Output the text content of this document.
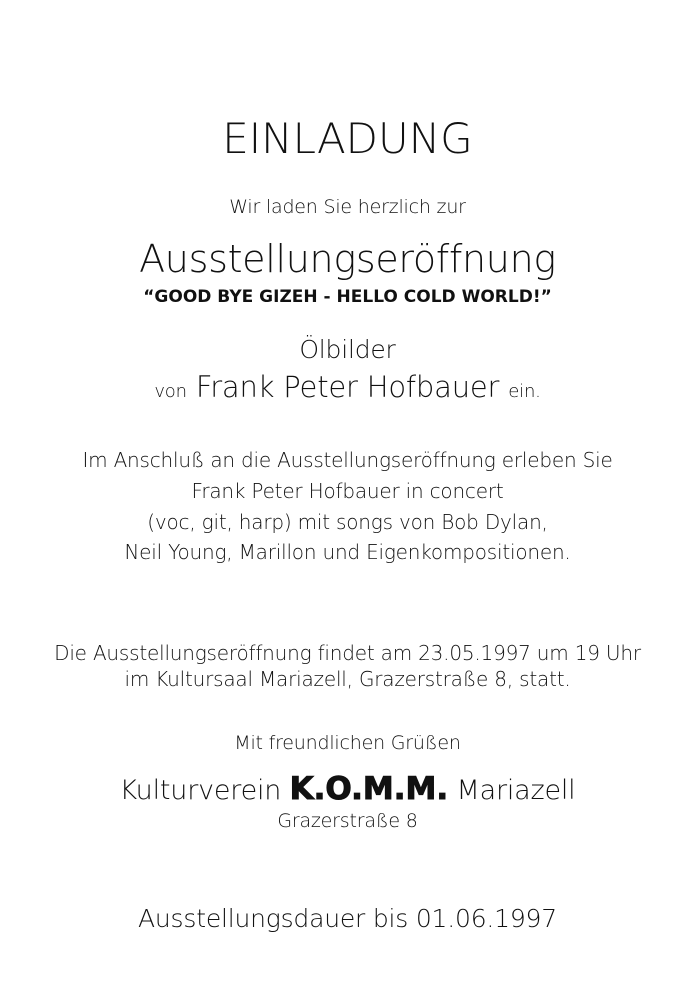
EINLADUNG
Wir laden Sie herzlich zur
Ausstellungseröffnung
“GOOD BYE GIZEH - HELLO COLD WORLD!”
Ölbilder
von Frank Peter Hofbauer ein.
Im Anschluß an die Ausstellungseröffnung erleben Sie
Frank Peter Hofbauer in concert
(voc, git, harp) mit songs von Bob Dylan,
Neil Young, Marillon und Eigenkompositionen.
Die Ausstellungseröffnung findet am 23.05.1997 um 19 Uhr
im Kultursaal Mariazell, Grazerstraße 8, statt.
Mit freundlichen Grüßen
Kulturverein K.O.M.M. Mariazell
Grazerstraße 8
Ausstellungsdauer bis 01.06.1997
